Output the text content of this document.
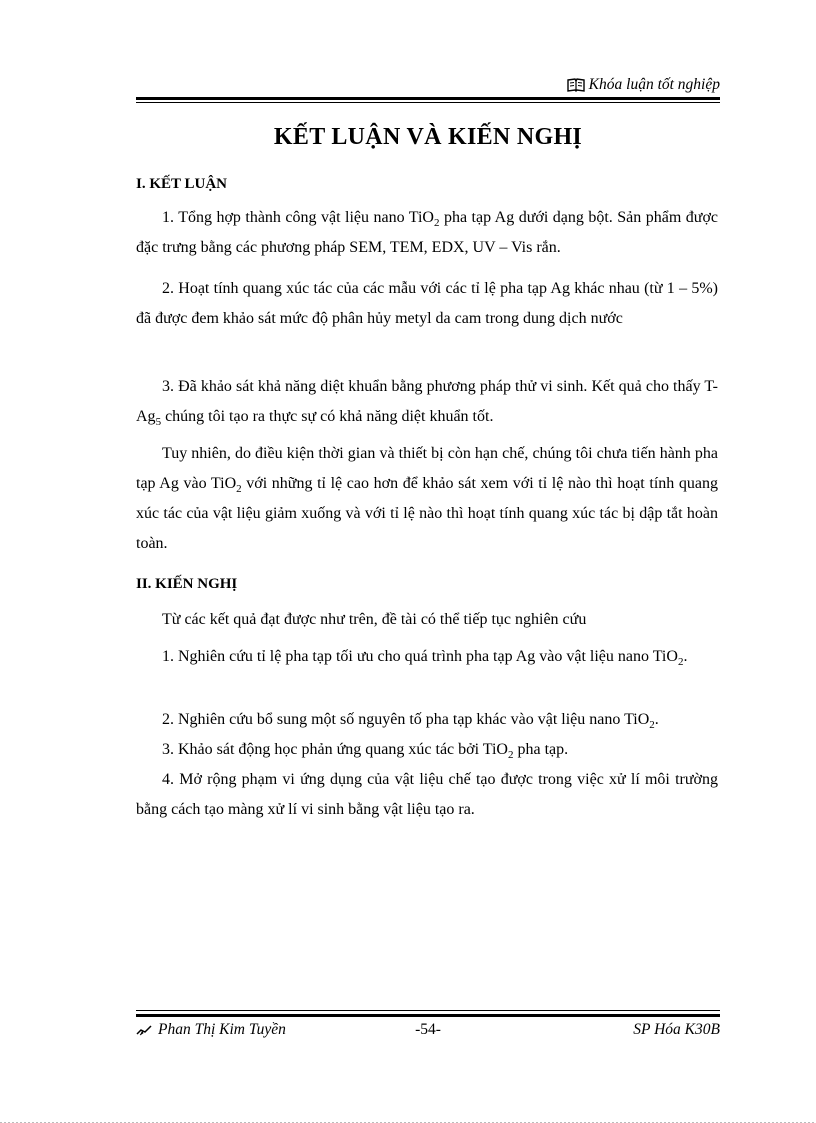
Khóa luận tốt nghiệp
KẾT LUẬN VÀ KIẾN NGHỊ
I. KẾT LUẬN

1. Tổng hợp thành công vật liệu nano TiO$_2$ pha tạp Ag dưới dạng bột. Sản phẩm được đặc trưng bằng các phương pháp SEM, TEM, EDX, UV – Vis rắn.

2. Hoạt tính quang xúc tác của các mẫu với các tỉ lệ pha tạp Ag khác nhau (từ 1 – 5%) đã được đem khảo sát mức độ phân hủy metyl da cam trong dung dịch nước

3. Đã khảo sát khả năng diệt khuẩn bằng phương pháp thử vi sinh. Kết quả cho thấy $T-Ag_5$ chúng tôi tạo ra thực sự có khả năng diệt khuẩn tốt.

Tuy nhiên, do điều kiện thời gian và thiết bị còn hạn chế, chúng tôi chưa tiến hành pha tạp Ag vào TiO$_2$ với những tỉ lệ cao hơn để khảo sát xem với tỉ lệ nào thì hoạt tính quang xúc tác của vật liệu giảm xuống và với tỉ lệ nào thì hoạt tính quang xúc tác bị dập tắt hoàn toàn.

II. KIẾN NGHỊ

Từ các kết quả đạt được như trên, đề tài có thể tiếp tục nghiên cứu

1. Nghiên cứu tỉ lệ pha tạp tối ưu cho quá trình pha tạp Ag vào vật liệu nano TiO$_2$.

2. Nghiên cứu bổ sung một số nguyên tố pha tạp khác vào vật liệu nano TiO$_2$.

3. Khảo sát động học phản ứng quang xúc tác bởi TiO$_2$ pha tạp.

4. Mở rộng phạm vi ứng dụng của vật liệu chế tạo được trong việc xử lí môi trường bằng cách tạo màng xử lí vi sinh bằng vật liệu tạo ra.

Phan Thị Kim Tuyền	-54-	SP Hóa K30B
